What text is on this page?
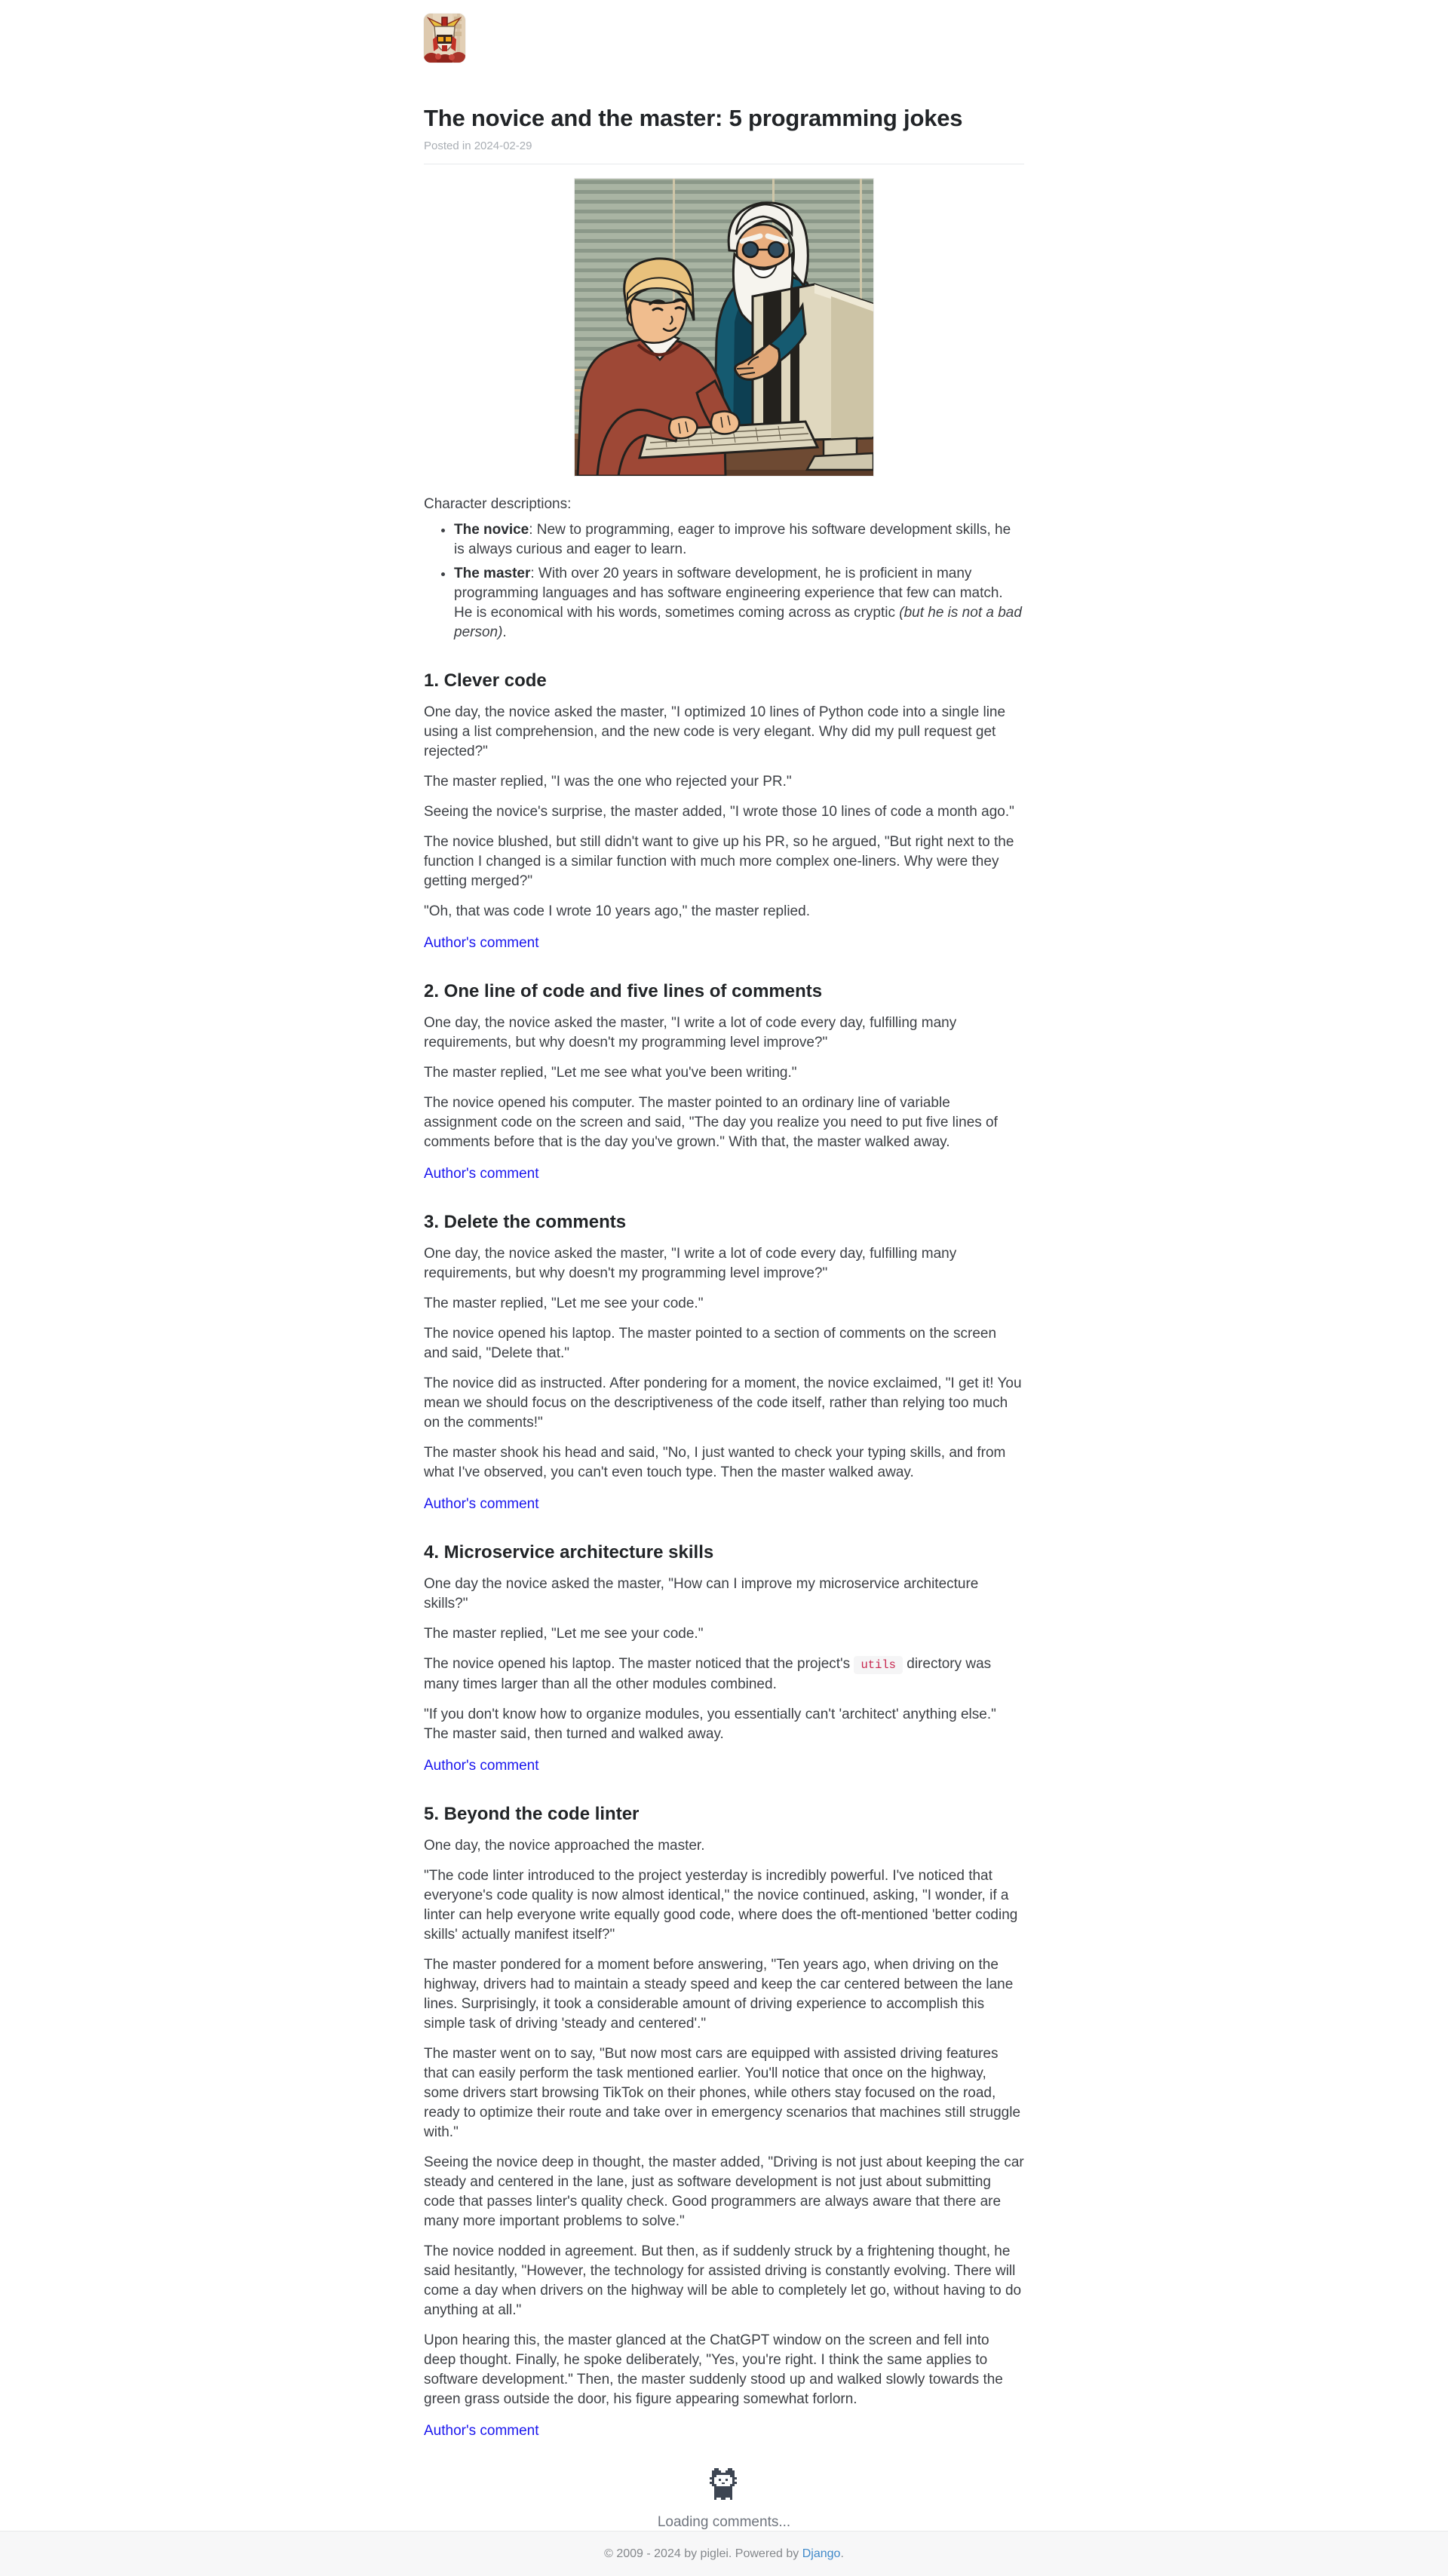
The novice and the master: 5 programming jokes
Posted in 2024-02-29

Character descriptions:

• The novice: New to programming, eager to improve his software development skills, he is always curious and eager to learn.
• The master: With over 20 years in software development, he is proficient in many programming languages and has software engineering experience that few can match. He is economical with his words, sometimes coming across as cryptic (but he is not a bad person).
1. Clever code

One day, the novice asked the master, "I optimized 10 lines of Python code into a single line using a list comprehension, and the new code is very elegant. Why did my pull request get rejected?"

The master replied, "I was the one who rejected your PR."

Seeing the novice's surprise, the master added, "I wrote those 10 lines of code a month ago."

The novice blushed, but still didn't want to give up his PR, so he argued, "But right next to the function I changed is a similar function with much more complex one-liners. Why were they getting merged?"

"Oh, that was code I wrote 10 years ago," the master replied.

Author's comment

2. One line of code and five lines of comments

One day, the novice asked the master, "I write a lot of code every day, fulfilling many requirements, but why doesn't my programming level improve?"

The master replied, "Let me see what you've been writing."

The novice opened his computer. The master pointed to an ordinary line of variable assignment code on the screen and said, "The day you realize you need to put five lines of comments before that is the day you've grown." With that, the master walked away.

Author's comment

3. Delete the comments

One day, the novice asked the master, "I write a lot of code every day, fulfilling many requirements, but why doesn't my programming level improve?"

The master replied, "Let me see your code."

The novice opened his laptop. The master pointed to a section of comments on the screen and said, "Delete that."

The novice did as instructed. After pondering for a moment, the novice exclaimed, "I get it! You mean we should focus on the descriptiveness of the code itself, rather than relying too much on the comments!"

The master shook his head and said, "No, I just wanted to check your typing skills, and from what I've observed, you can't even touch type. Then the master walked away.

Author's comment

4. Microservice architecture skills

One day the novice asked the master, "How can I improve my microservice architecture skills?"

The master replied, "Let me see your code."

The novice opened his laptop. The master noticed that the project's utils directory was many times larger than all the other modules combined.

"If you don't know how to organize modules, you essentially can't 'architect' anything else." The master said, then turned and walked away.

Author's comment

5. Beyond the code linter

One day, the novice approached the master.

"The code linter introduced to the project yesterday is incredibly powerful. I've noticed that everyone's code quality is now almost identical," the novice continued, asking, "I wonder, if a linter can help everyone write equally good code, where does the oft-mentioned 'better coding skills' actually manifest itself?"

The master pondered for a moment before answering, "Ten years ago, when driving on the highway, drivers had to maintain a steady speed and keep the car centered between the lane lines. Surprisingly, it took a considerable amount of driving experience to accomplish this simple task of driving 'steady and centered'."

The master went on to say, "But now most cars are equipped with assisted driving features that can easily perform the task mentioned earlier. You'll notice that once on the highway, some drivers start browsing TikTok on their phones, while others stay focused on the road, ready to optimize their route and take over in emergency scenarios that machines still struggle with."

Seeing the novice deep in thought, the master added, "Driving is not just about keeping the car steady and centered in the lane, just as software development is not just about submitting code that passes linter's quality check. Good programmers are always aware that there are many more important problems to solve."

The novice nodded in agreement. But then, as if suddenly struck by a frightening thought, he said hesitantly, "However, the technology for assisted driving is constantly evolving. There will come a day when drivers on the highway will be able to completely let go, without having to do anything at all."

Upon hearing this, the master glanced at the ChatGPT window on the screen and fell into deep thought. Finally, he spoke deliberately, "Yes, you're right. I think the same applies to software development." Then, the master suddenly stood up and walked slowly towards the green grass outside the door, his figure appearing somewhat forlorn.

Author's comment

Loading comments...
© 2009 - 2024 by piglei. Powered by Django.
